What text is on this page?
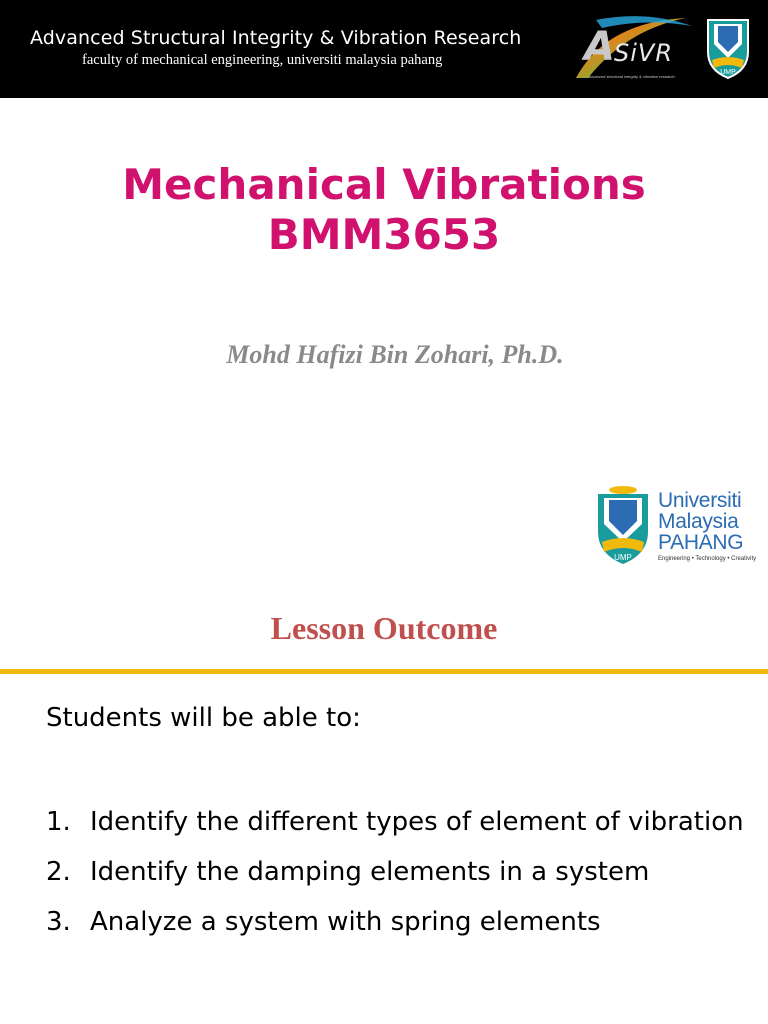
Advanced Structural Integrity & Vibration Research
faculty of mechanical engineering, universiti malaysia pahang	A SiVR
advanced structural integrity & vibration research
UMP
Mechanical Vibrations
BMM3653
Mohd Hafizi Bin Zohari, Ph.D.
UMP
Universiti
Malaysia
PAHANG
Engineering • Technology • Creativity
Lesson Outcome
Students will be able to:
1. Identify the different types of element of vibration
2. Identify the damping elements in a system
3. Analyze a system with spring elements
